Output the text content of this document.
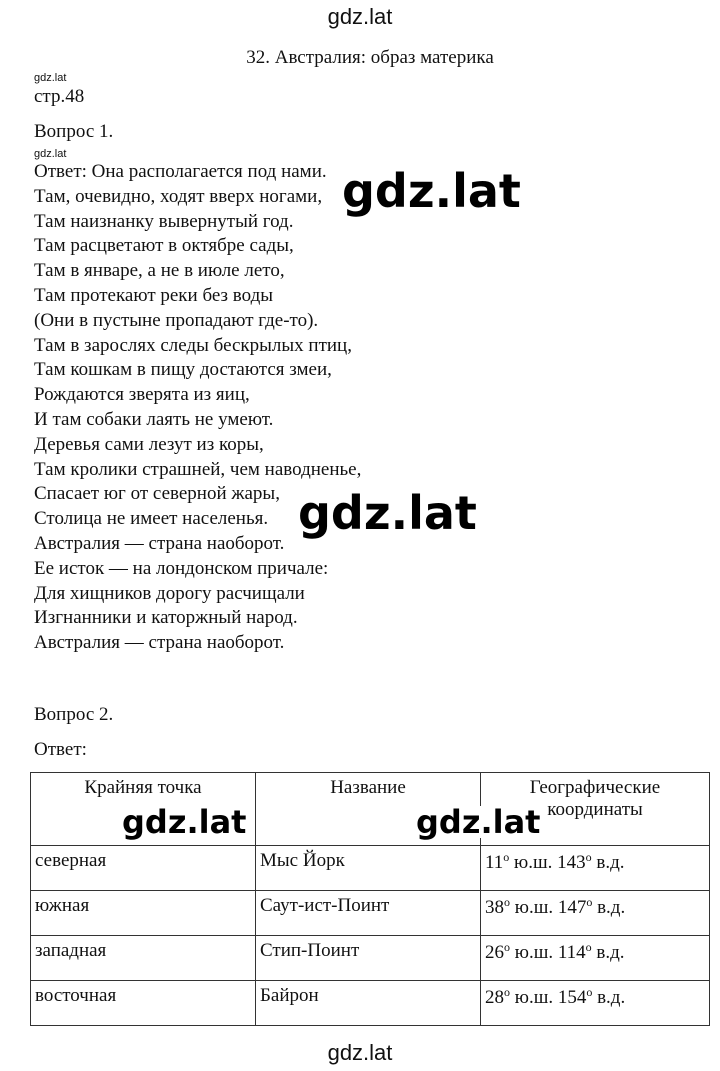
gdz.lat
32. Австралия: образ материка
gdz.lat
стр.48
Вопрос 1.
gdz.lat
Ответ: Она располагается под нами.
Там, очевидно, ходят вверх ногами,
Там наизнанку вывернутый год.
Там расцветают в октябре сады,
Там в январе, а не в июле лето,
Там протекают реки без воды
(Они в пустыне пропадают где-то).
Там в зарослях следы бескрылых птиц,
Там кошкам в пищу достаются змеи,
Рождаются зверята из яиц,
И там собаки лаять не умеют.
Деревья сами лезут из коры,
Там кролики страшней, чем наводненье,
Спасает юг от северной жары,
Столица не имеет населенья.
Австралия — страна наоборот.
Ее исток — на лондонском причале:
Для хищников дорогу расчищали
Изгнанники и каторжный народ.
Австралия — страна наоборот.
gdz.lat
gdz.lat
Вопрос 2.
Ответ:
Крайняя точка	Название	Географические координаты
северная	Мыс Йорк	11$^o$ ю.ш. 143$^o$ в.д.
южная	Саут-ист-Поинт	38$^o$ ю.ш. 147$^o$ в.д.
западная	Стип-Поинт	26$^o$ ю.ш. 114$^o$ в.д.
восточная	Байрон	28$^o$ ю.ш. 154$^o$ в.д.
gdz.lat	gdz.lat
gdz.lat
